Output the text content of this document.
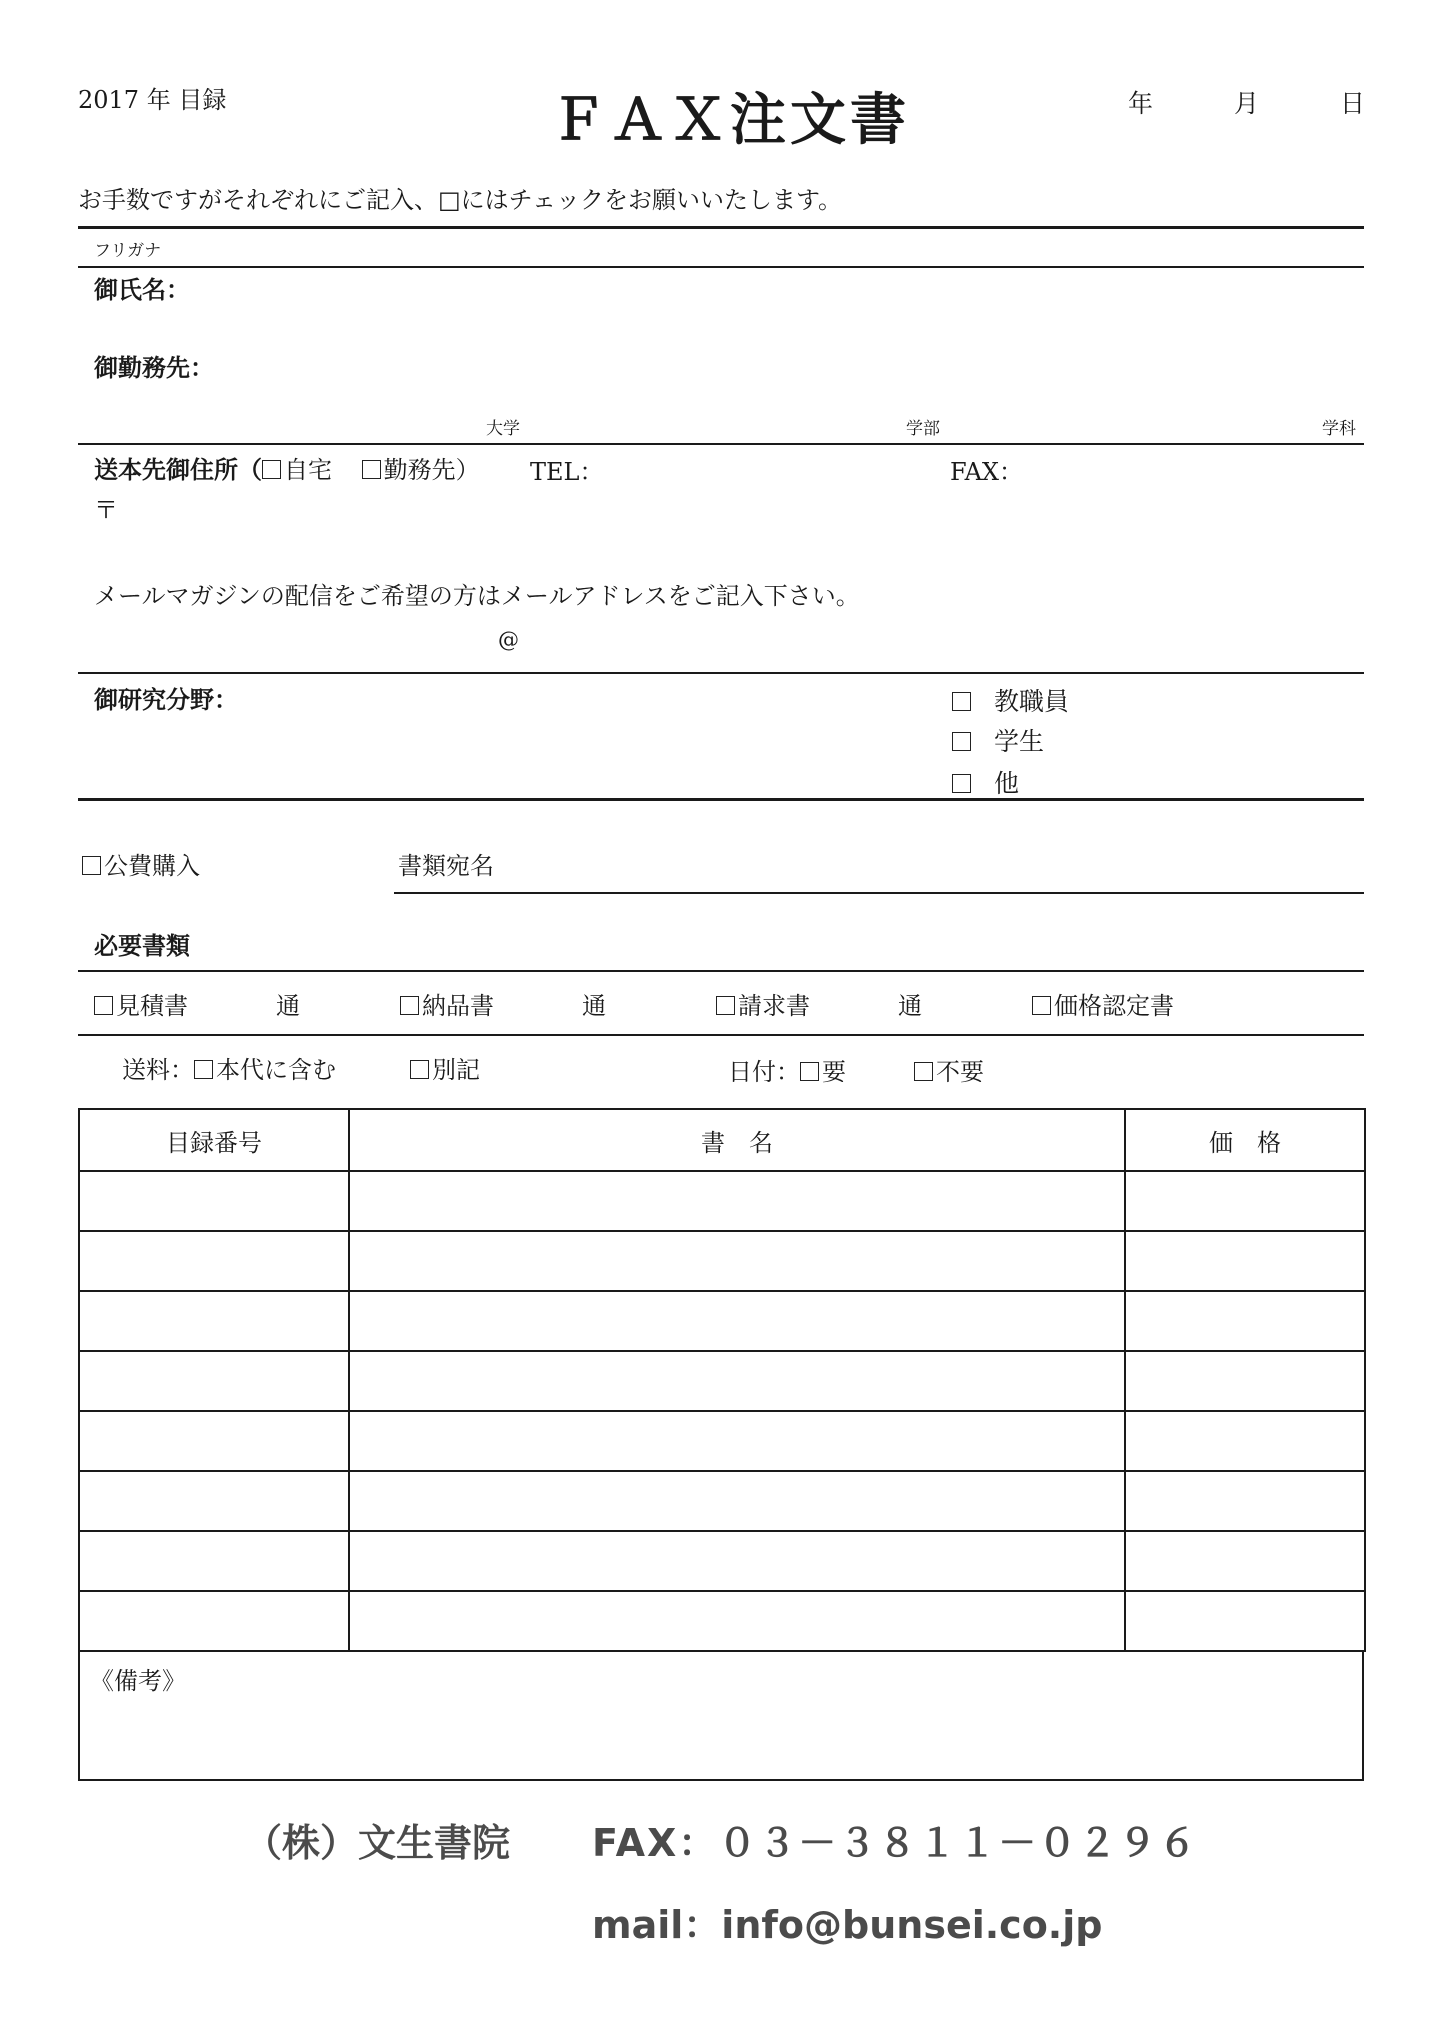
2017 年 目録	ＦＡＸ注文書	年	月	日
お手数ですがそれぞれにご記入、□にはチェックをお願いいたします。
フリガナ
御氏名：
御勤務先：
大学	学部	学科
送本先御住所（ 自宅 勤務先） TEL：	FAX：
〒
メールマガジンの配信をご希望の方はメールアドレスをご記入下さい。
@
御研究分野：	教職員
学生
他
公費購入	書類宛名
必要書類
見積書	通	納品書	通	請求書	通	価格認定書
送料： 本代に含む	別記	日付： 要	不要
目録番号	書　名	価　格

《備考》
（株）文生書院 FAX：０３－３８１１－０２９６
mail：info@bunsei.co.jp
